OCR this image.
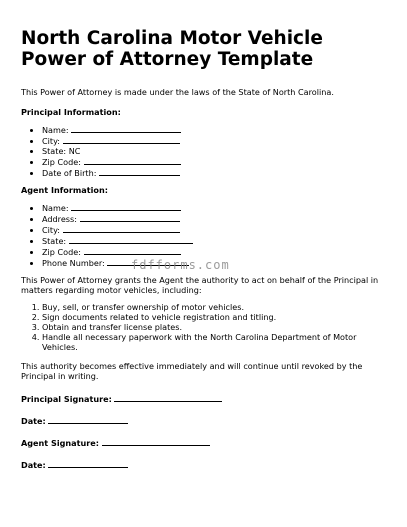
North Carolina Motor Vehicle Power of Attorney Template

This Power of Attorney is made under the laws of the State of North Carolina.

Principal Information:
• Name:
• City:
• State: NC
• Zip Code:
• Date of Birth:
Agent Information:
• Name:
• Address:
• City:
• State:
• Zip Code:
• Phone Number:

This Power of Attorney grants the Agent the authority to act on behalf of the Principal in matters regarding motor vehicles, including:

1. Buy, sell, or transfer ownership of motor vehicles.
2. Sign documents related to vehicle registration and titling.
3. Obtain and transfer license plates.
4. Handle all necessary paperwork with the North Carolina Department of Motor Vehicles.

This authority becomes effective immediately and will continue until revoked by the Principal in writing.

Principal Signature:
Date:
Agent Signature:
Date:
fdfforms.com
